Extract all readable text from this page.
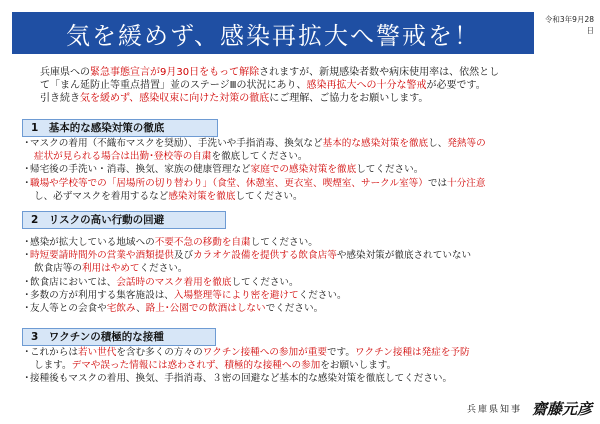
気を緩めず、感染再拡大へ警戒を！
令和3年9月28日

兵庫県への緊急事態宣言が9月30日をもって解除されますが、新規感染者数や病床使用率は、依然とし

て「まん延防止等重点措置」並のステージⅢの状況にあり、感染再拡大への十分な警戒が必要です。

引き続き気を緩めず、感染収束に向けた対策の徹底にご理解、ご協力をお願いします。

1　基本的な感染対策の徹底

・マスクの着用（不織布マスクを奨励）、手洗いや手指消毒、換気など基本的な感染対策を徹底し、発熱等の

症状が見られる場合は出勤･登校等の自粛を徹底してください。

・帰宅後の手洗い・消毒、換気、家族の健康管理など家庭での感染対策を徹底してください。

・職場や学校等での「居場所の切り替わり」（食堂、休憩室、更衣室、喫煙室、サークル室等）では十分注意

し、必ずマスクを着用するなど感染対策を徹底してください。

2　リスクの高い行動の回避

・感染が拡大している地域への不要不急の移動を自粛してください。

・時短要請時間外の営業や酒類提供及びカラオケ設備を提供する飲食店等や感染対策が徹底されていない

飲食店等の利用はやめてください。

・飲食店においては、会話時のマスク着用を徹底してください。

・多数の方が利用する集客施設は、入場整理等により密を避けてください。

・友人等との会食や宅飲み、路上･公園での飲酒はしないでください。

3　ワクチンの積極的な接種

・これからは若い世代を含む多くの方々のワクチン接種への参加が重要です。ワクチン接種は発症を予防

します。デマや誤った情報には惑わされず、積極的な接種への参加をお願いします。

・接種後もマスクの着用、換気、手指消毒、３密の回避など基本的な感染対策を徹底してください。

兵庫県知事 齋藤元彦
